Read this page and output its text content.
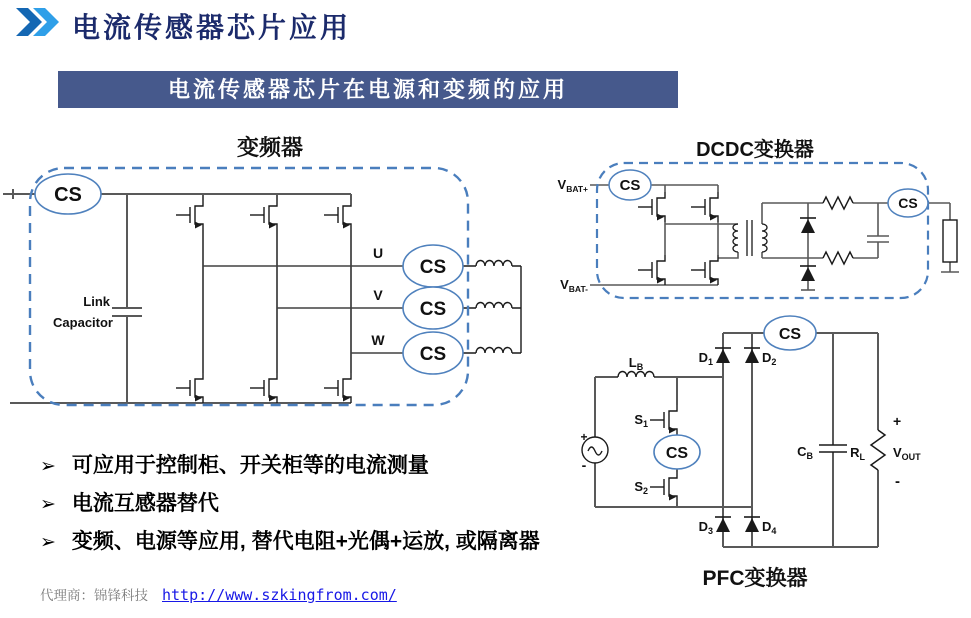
电流传感器芯片应用
电流传感器芯片在电源和变频的应用
变频器	DCDC变换器
PFC变换器
CS
CS
CS
CS
U
V
W
Link
Capacitor
CS
CS
$V_{BAT+}$
$V_{BAT-}$
CS
CS
$L_B$
$S_1$
$S_2$
$D_1$	$D_2$
$D_3$	$D_4$
$C_B$	$R_L$
+
$V_{OUT}$
-
+
-
➢ 可应用于控制柜、开关柜等的电流测量
➢ 电流互感器替代
➢ 变频、电源等应用, 替代电阻+光偶+运放, 或隔离器
代理商：锦锋科技 http://www.szkingfrom.com/
